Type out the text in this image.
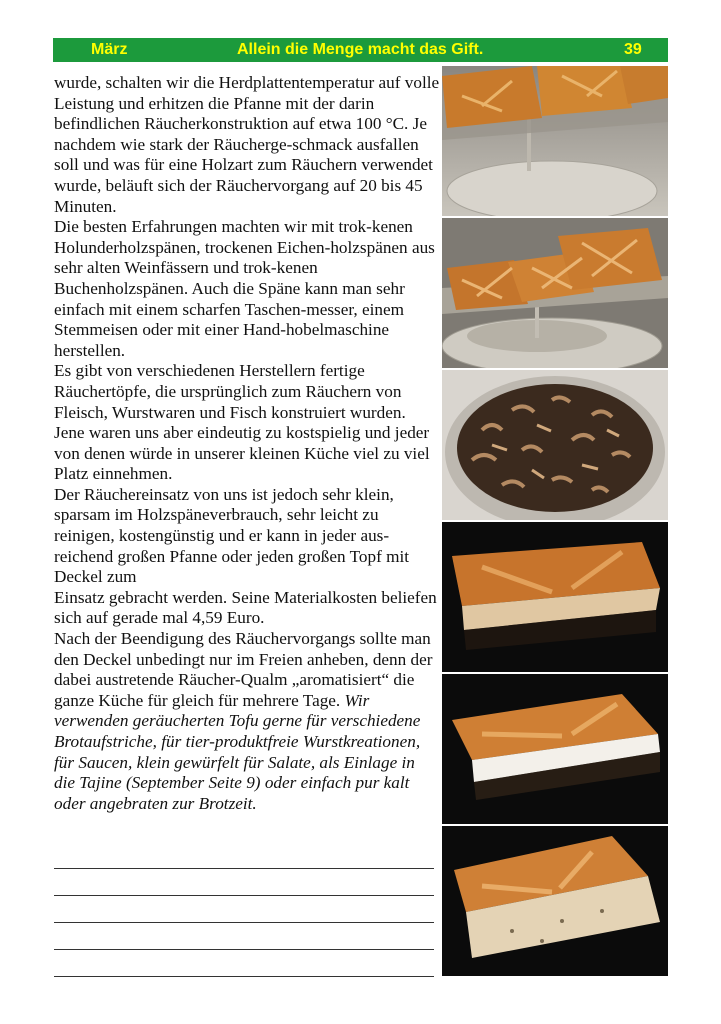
März	Allein die Menge macht das Gift.	39

wurde, schalten wir die Herdplattentemperatur auf volle Leistung und erhitzen die Pfanne mit der darin befindlichen Räucherkonstruktion auf etwa 100 °C. Je nachdem wie stark der Räucherge-schmack ausfallen soll und was für eine Holzart zum Räuchern verwendet wurde, beläuft sich der Räuchervorgang auf 20 bis 45 Minuten.

Die besten Erfahrungen machten wir mit trok-kenen Holunderholzspänen, trockenen Eichen-holzspänen aus sehr alten Weinfässern und trok-kenen Buchenholzspänen. Auch die Späne kann man sehr einfach mit einem scharfen Taschen-messer, einem Stemmeisen oder mit einer Hand-hobelmaschine herstellen.

Es gibt von verschiedenen Herstellern fertige Räuchertöpfe, die ursprünglich zum Räuchern von Fleisch, Wurstwaren und Fisch konstruiert wurden. Jene waren uns aber eindeutig zu kostspielig und jeder von denen würde in unserer kleinen Küche viel zu viel Platz einnehmen.

Der Räuchereinsatz von uns ist jedoch sehr klein, sparsam im Holzspäneverbrauch, sehr leicht zu reinigen, kostengünstig und er kann in jeder aus-reichend großen Pfanne oder jeden großen Topf mit Deckel zum

Einsatz gebracht werden. Seine Materialkosten beliefen sich auf gerade mal 4,59 Euro.

Nach der Beendigung des Räuchervorgangs sollte man den Deckel unbedingt nur im Freien anheben, denn der dabei austretende Räucher-Qualm „aromatisiert“ die ganze Küche für gleich für mehrere Tage. Wir verwenden geräucherten Tofu gerne für verschiedene Brotaufstriche, für tier-produktfreie Wurstkreationen, für Saucen, klein gewürfelt für Salate, als Einlage in die Tajine (September Seite 9) oder einfach pur kalt oder angebraten zur Brotzeit.
